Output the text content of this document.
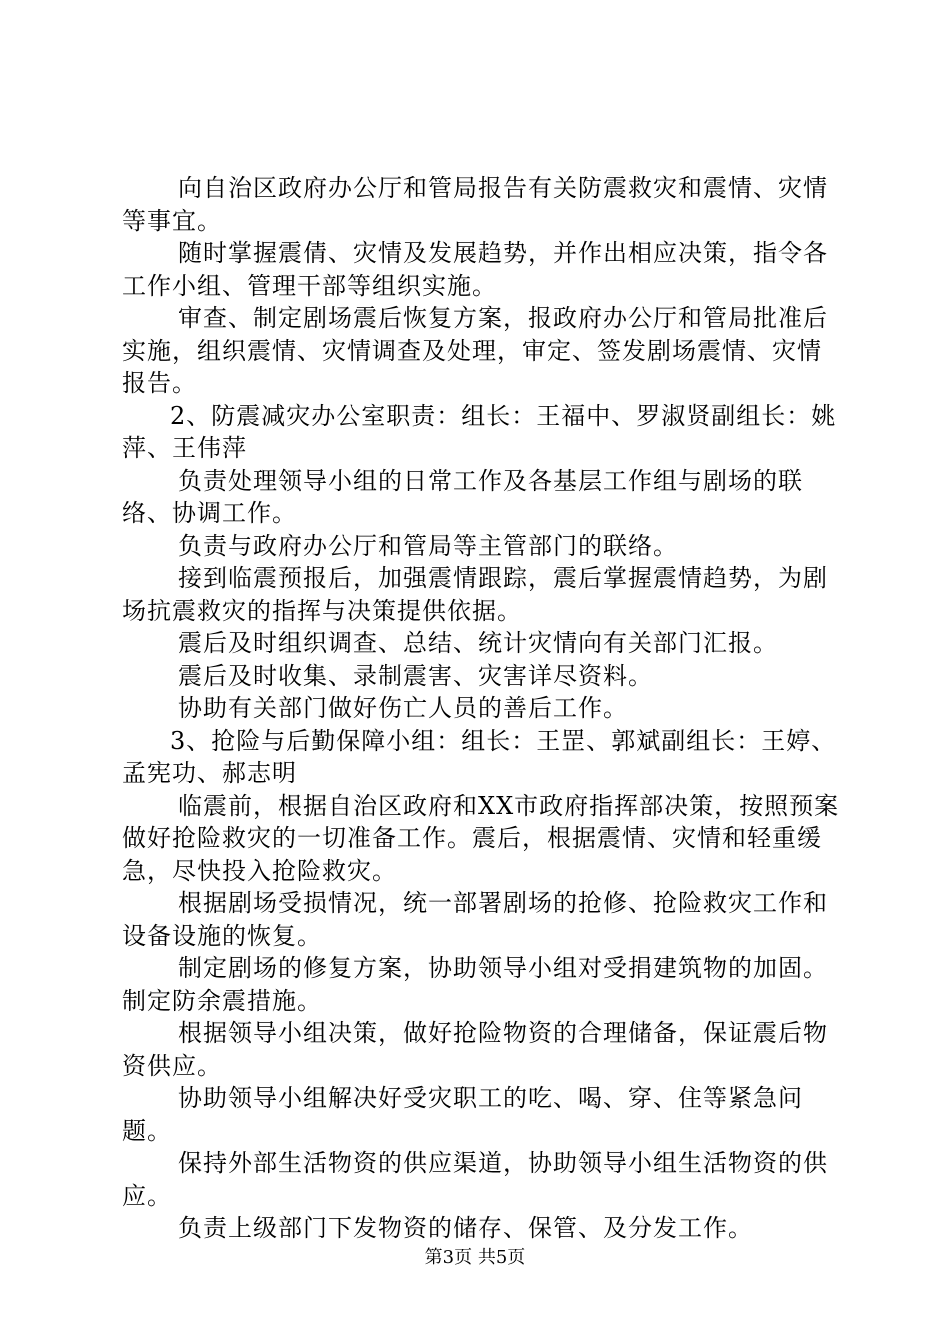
向自治区政府办公厅和管局报告有关防震救灾和震情、灾情等事宜。

随时掌握震倩、灾情及发展趋势，并作出相应决策，指令各工作小组、管理干部等组织实施。

审查、制定剧场震后恢复方案，报政府办公厅和管局批准后实施，组织震情、灾情调查及处理，审定、签发剧场震情、灾情报告。

2、防震减灾办公室职责：组长：王福中、罗淑贤副组长：姚萍、王伟萍

负责处理领导小组的日常工作及各基层工作组与剧场的联络、协调工作。

负责与政府办公厅和管局等主管部门的联络。

接到临震预报后，加强震情跟踪，震后掌握震情趋势，为剧场抗震救灾的指挥与决策提供依据。

震后及时组织调查、总结、统计灾情向有关部门汇报。

震后及时收集、录制震害、灾害详尽资料。

协助有关部门做好伤亡人员的善后工作。

3、抢险与后勤保障小组：组长：王罡、郭斌副组长：王婷、孟宪功、郝志明

临震前，根据自治区政府和XX市政府指挥部决策，按照预案做好抢险救灾的一切准备工作。震后，根据震情、灾情和轻重缓急，尽快投入抢险救灾。

根据剧场受损情况，统一部署剧场的抢修、抢险救灾工作和设备设施的恢复。

制定剧场的修复方案，协助领导小组对受捐建筑物的加固。制定防余震措施。

根据领导小组决策，做好抢险物资的合理储备，保证震后物资供应。

协助领导小组解决好受灾职工的吃、喝、穿、住等紧急问题。

保持外部生活物资的供应渠道，协助领导小组生活物资的供应。

负责上级部门下发物资的储存、保管、及分发工作。

第3页 共5页
